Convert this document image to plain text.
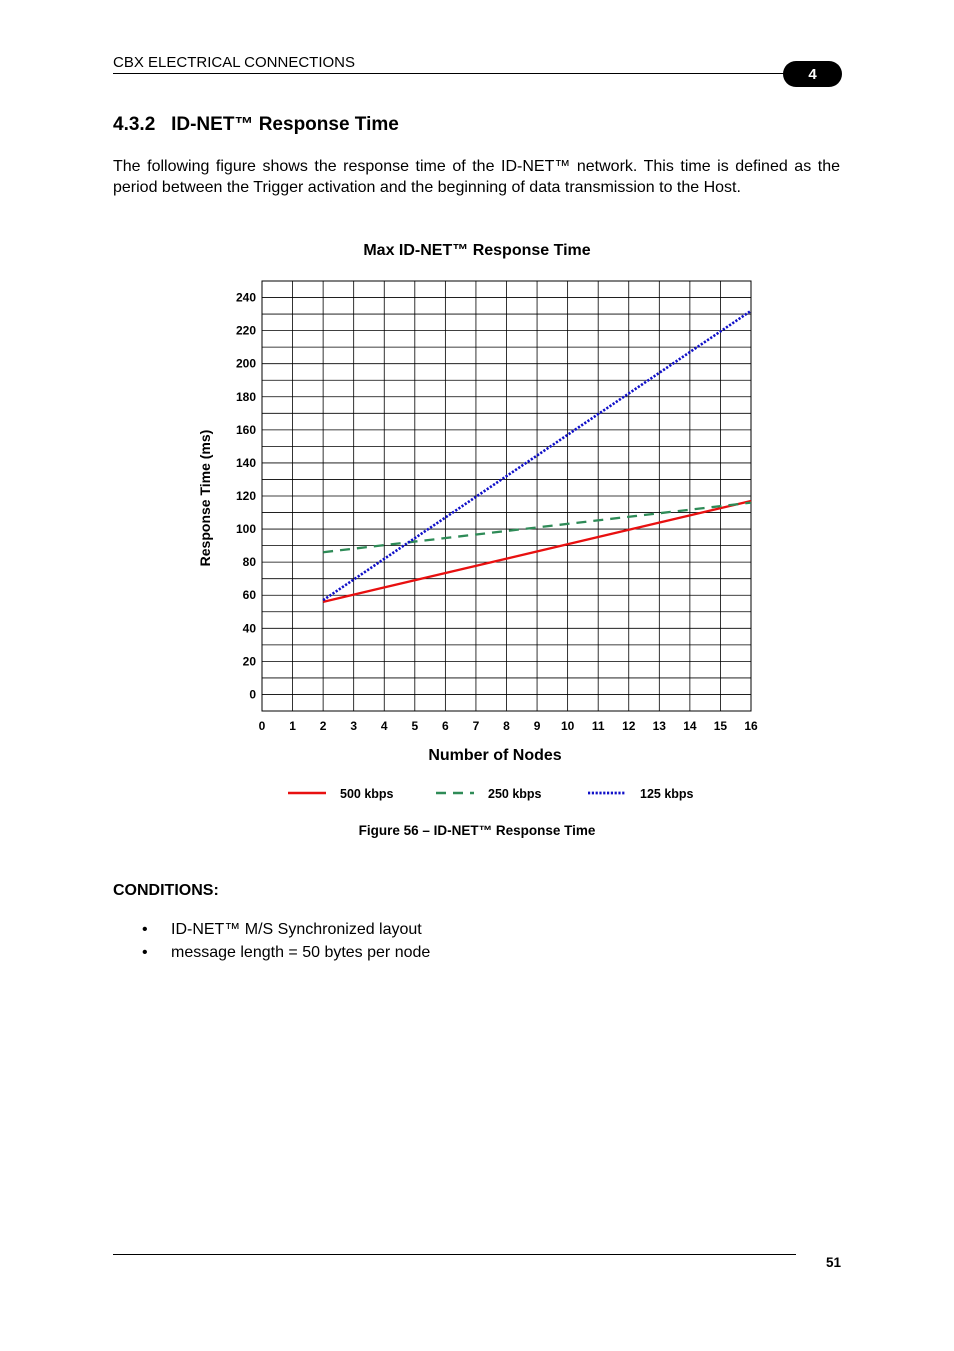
CBX ELECTRICAL CONNECTIONS
4
4.3.2 ID-NET™ Response Time

The following figure shows the response time of the ID-NET™ network. This time is defined as the period between the Trigger activation and the beginning of data transmission to the Host.

Max ID-NET™ Response Time
0
20
40
60
80
100
120
140
160
180
200
220
240
0 1 2 3 4 5 6 7 8 9 10 11 12 13 14 15 16
Response Time (ms)
Number of Nodes
500 kbps	250 kbps	125 kbps
Figure 56 – ID-NET™ Response Time
CONDITIONS:
• ID-NET™ M/S Synchronized layout
• message length = 50 bytes per node
51
